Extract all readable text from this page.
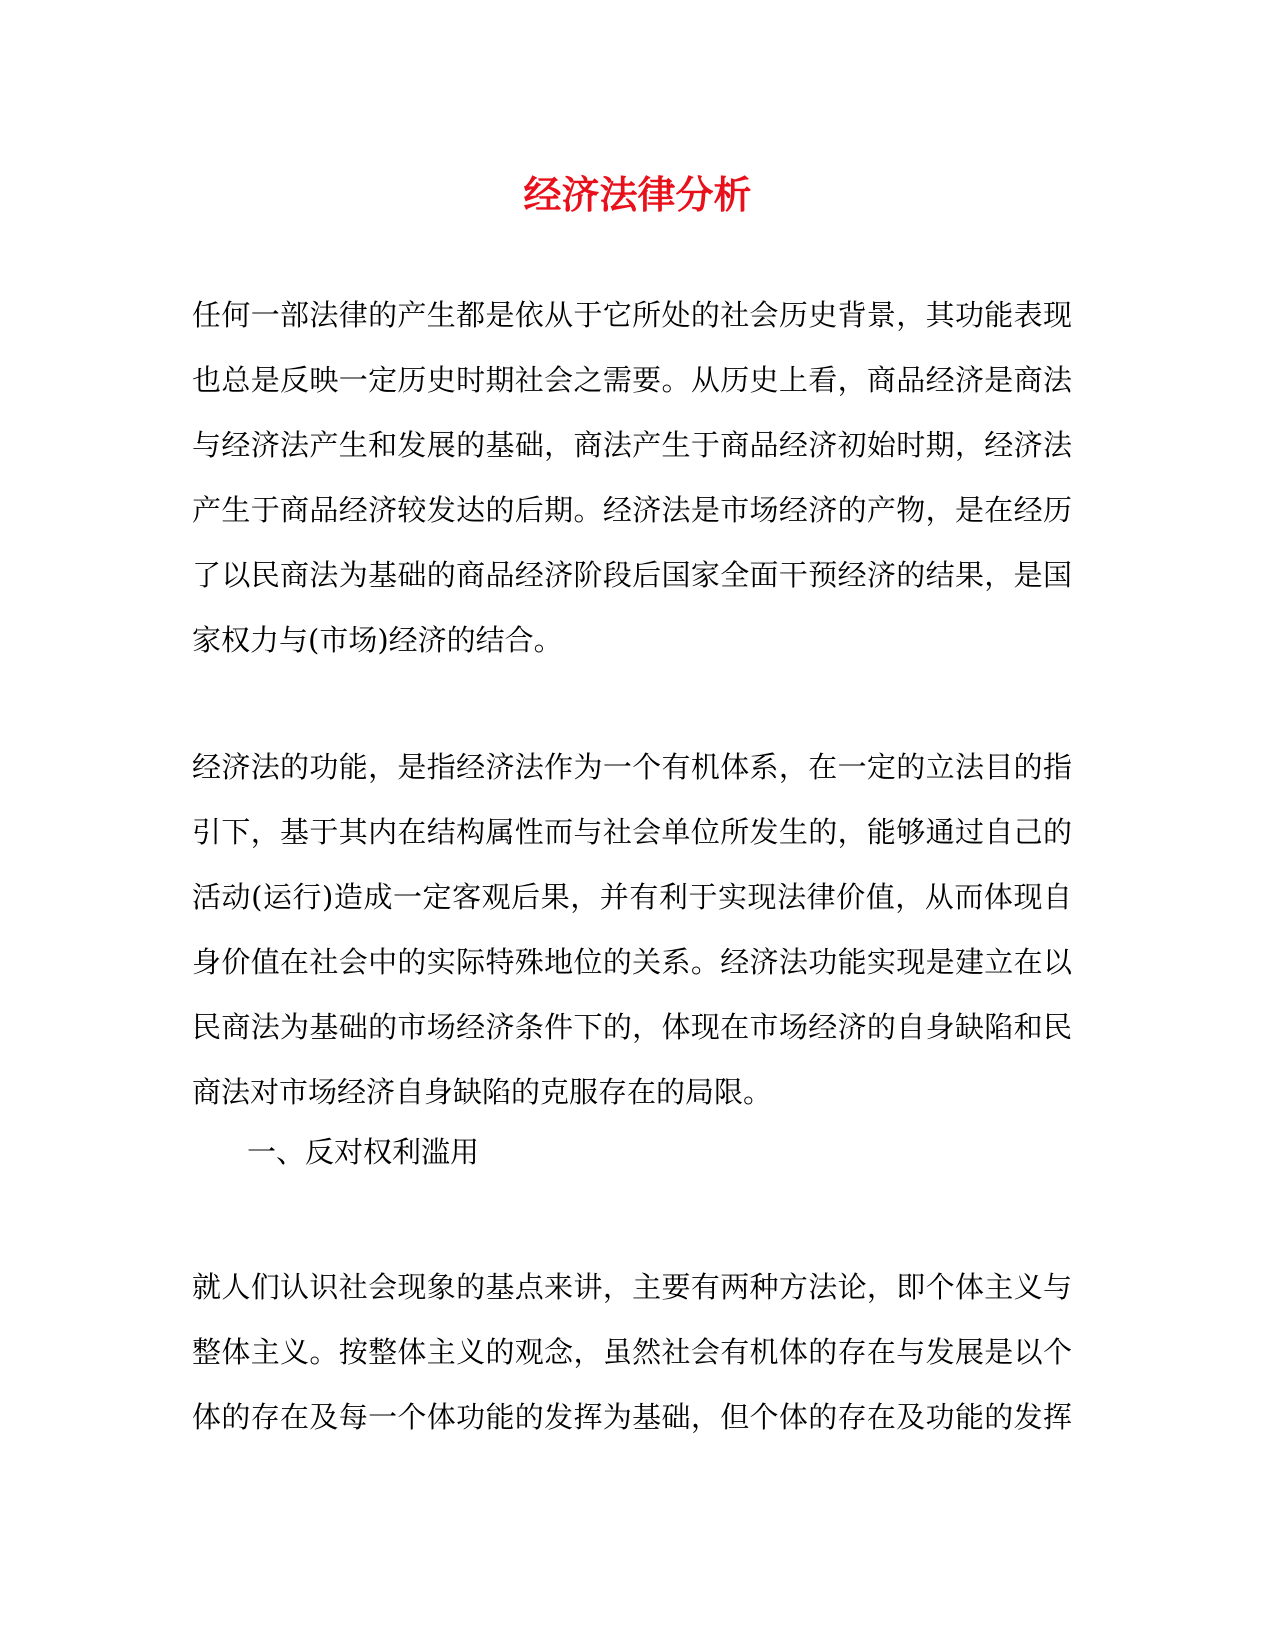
经济法律分析
任何一部法律的产生都是依从于它所处的社会历史背景，其功能表现
也总是反映一定历史时期社会之需要。从历史上看，商品经济是商法
与经济法产生和发展的基础，商法产生于商品经济初始时期，经济法
产生于商品经济较发达的后期。经济法是市场经济的产物，是在经历
了以民商法为基础的商品经济阶段后国家全面干预经济的结果，是国
家权力与(市场)经济的结合。
经济法的功能，是指经济法作为一个有机体系，在一定的立法目的指
引下，基于其内在结构属性而与社会单位所发生的，能够通过自己的
活动(运行)造成一定客观后果，并有利于实现法律价值，从而体现自
身价值在社会中的实际特殊地位的关系。经济法功能实现是建立在以
民商法为基础的市场经济条件下的，体现在市场经济的自身缺陷和民
商法对市场经济自身缺陷的克服存在的局限。

一、反对权利滥用

就人们认识社会现象的基点来讲，主要有两种方法论，即个体主义与
整体主义。按整体主义的观念，虽然社会有机体的存在与发展是以个
体的存在及每一个体功能的发挥为基础，但个体的存在及功能的发挥
